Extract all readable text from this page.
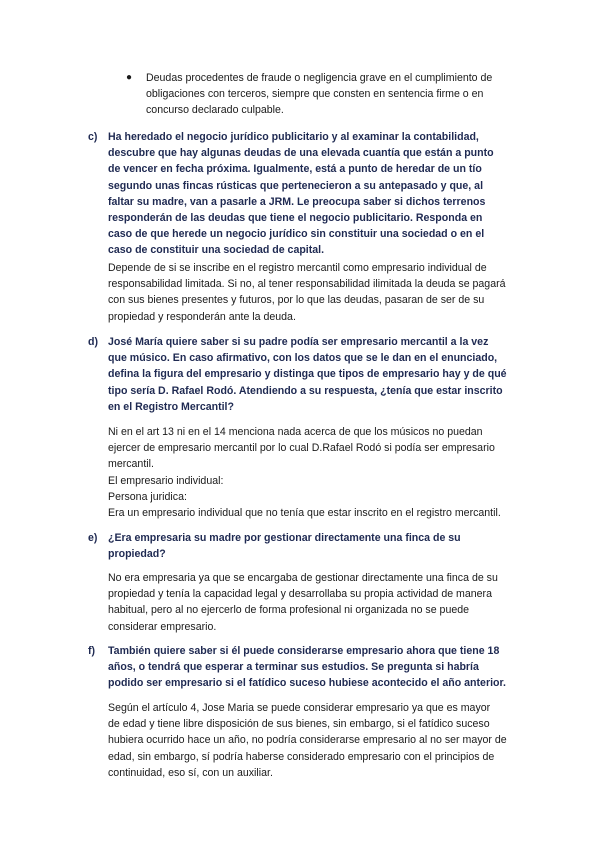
● Deudas procedentes de fraude o negligencia grave en el cumplimiento de
obligaciones con terceros, siempre que consten en sentencia firme o en
concurso declarado culpable.
c) Ha heredado el negocio jurídico publicitario y al examinar la contabilidad,
descubre que hay algunas deudas de una elevada cuantía que están a punto
de vencer en fecha próxima. Igualmente, está a punto de heredar de un tío
segundo unas fincas rústicas que pertenecieron a su antepasado y que, al
faltar su madre, van a pasarle a JRM. Le preocupa saber si dichos terrenos
responderán de las deudas que tiene el negocio publicitario. Responda en
caso de que herede un negocio jurídico sin constituir una sociedad o en el
caso de constituir una sociedad de capital.
Depende de si se inscribe en el registro mercantil como empresario individual de
responsabilidad limitada. Si no, al tener responsabilidad ilimitada la deuda se pagará
con sus bienes presentes y futuros, por lo que las deudas, pasaran de ser de su
propiedad y responderán ante la deuda.
d) José María quiere saber si su padre podía ser empresario mercantil a la vez
que músico. En caso afirmativo, con los datos que se le dan en el enunciado,
defina la figura del empresario y distinga que tipos de empresario hay y de qué
tipo sería D. Rafael Rodó. Atendiendo a su respuesta, ¿tenía que estar inscrito
en el Registro Mercantil?
Ni en el art 13 ni en el 14 menciona nada acerca de que los músicos no puedan
ejercer de empresario mercantil por lo cual D.Rafael Rodó si podía ser empresario
mercantil.
El empresario individual:
Persona juridica:
Era un empresario individual que no tenía que estar inscrito en el registro mercantil.
e) ¿Era empresaria su madre por gestionar directamente una finca de su
propiedad?
No era empresaria ya que se encargaba de gestionar directamente una finca de su
propiedad y tenía la capacidad legal y desarrollaba su propia actividad de manera
habitual, pero al no ejercerlo de forma profesional ni organizada no se puede
considerar empresario.
f) También quiere saber si él puede considerarse empresario ahora que tiene 18
años, o tendrá que esperar a terminar sus estudios. Se pregunta si habría
podido ser empresario si el fatídico suceso hubiese acontecido el año anterior.
Según el artículo 4, Jose Maria se puede considerar empresario ya que es mayor
de edad y tiene libre disposición de sus bienes, sin embargo, si el fatídico suceso
hubiera ocurrido hace un año, no podría considerarse empresario al no ser mayor de
edad, sin embargo, sí podría haberse considerado empresario con el principios de
continuidad, eso sí, con un auxiliar.
